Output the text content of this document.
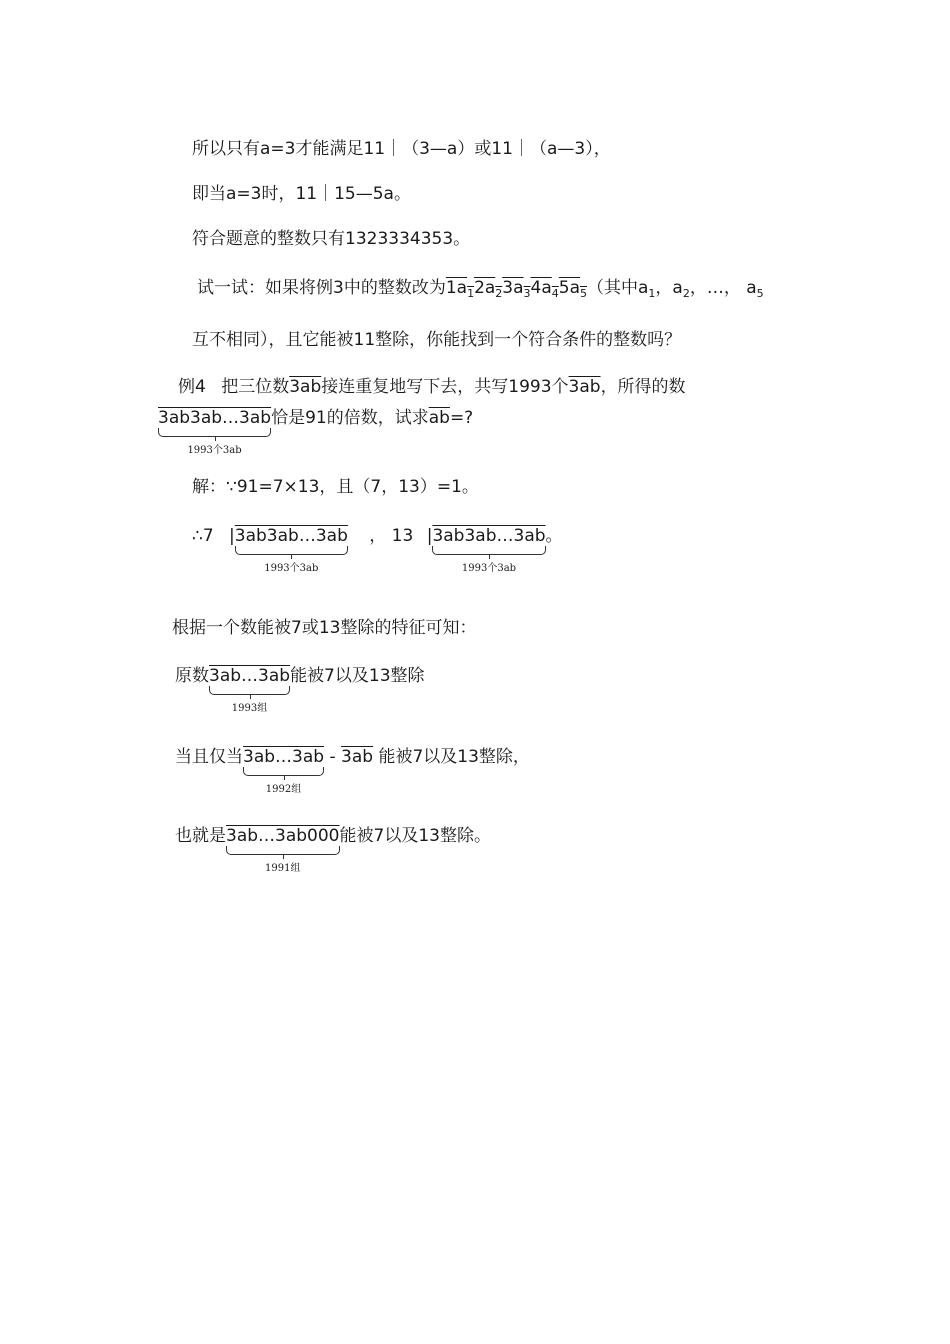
所以只有a=3才能满足11｜（3—a）或11｜（a—3），
即当a=3时，11｜15—5a。
符合题意的整数只有1323334353。
试一试：如果将例3中的整数改为$1a_12a_23a_34a_45a_5$（其中$a_1$，$a_2$，…， $a_5$
互不相同），且它能被11整除，你能找到一个符合条件的整数吗？
例4 把三位数3ab接连重复地写下去，共写1993个3ab，所得的数
3ab3ab…3ab
1993个3ab
恰是91的倍数，试求$\overline{ab}=$?
解：∵91=7×13，且（7，13）=1。
∴7 |3ab3ab…3ab
1993个3ab
， 13 |3ab3ab…3ab
1993个3ab
。
根据一个数能被7或13整除的特征可知：
原数3ab…3ab
1993组
能被7以及13整除
当且仅当3ab…3ab
1992组
- 3ab 能被7以及13整除，
也就是3ab…3ab000
1991组
能被7以及13整除。
